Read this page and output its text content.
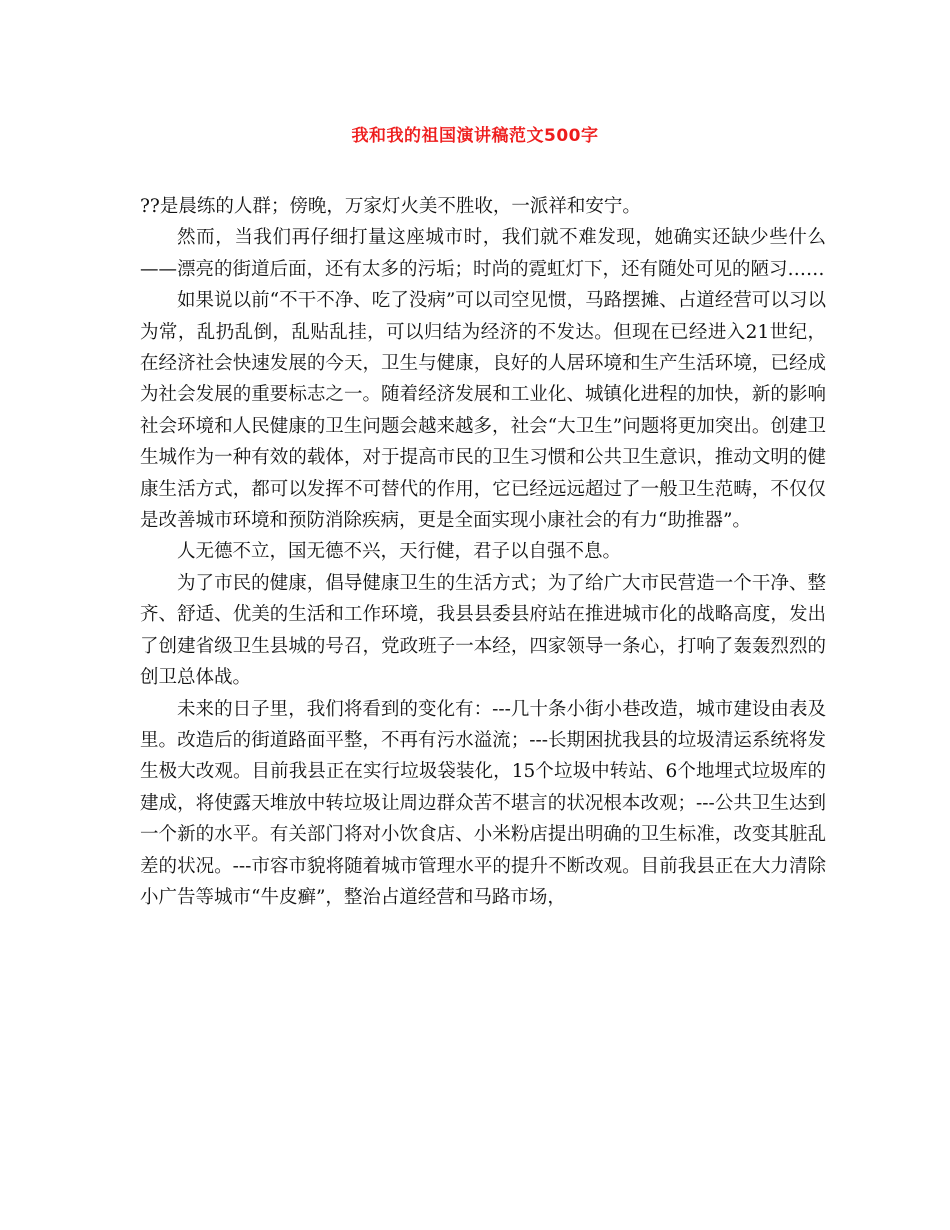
我和我的祖国演讲稿范文500字

??是晨练的人群；傍晚，万家灯火美不胜收，一派祥和安宁。

然而，当我们再仔细打量这座城市时，我们就不难发现，她确实还缺少些什么——漂亮的街道后面，还有太多的污垢；时尚的霓虹灯下，还有随处可见的陋习……

如果说以前“不干不净、吃了没病”可以司空见惯，马路摆摊、占道经营可以习以为常，乱扔乱倒，乱贴乱挂，可以归结为经济的不发达。但现在已经进入21世纪，在经济社会快速发展的今天，卫生与健康，良好的人居环境和生产生活环境，已经成为社会发展的重要标志之一。随着经济发展和工业化、城镇化进程的加快，新的影响社会环境和人民健康的卫生问题会越来越多，社会“大卫生”问题将更加突出。创建卫生城作为一种有效的载体，对于提高市民的卫生习惯和公共卫生意识，推动文明的健康生活方式，都可以发挥不可替代的作用，它已经远远超过了一般卫生范畴，不仅仅是改善城市环境和预防消除疾病，更是全面实现小康社会的有力“助推器”。

人无德不立，国无德不兴，天行健，君子以自强不息。

为了市民的健康，倡导健康卫生的生活方式；为了给广大市民营造一个干净、整齐、舒适、优美的生活和工作环境，我县县委县府站在推进城市化的战略高度，发出了创建省级卫生县城的号召，党政班子一本经，四家领导一条心，打响了轰轰烈烈的创卫总体战。

未来的日子里，我们将看到的变化有：---几十条小街小巷改造，城市建设由表及里。改造后的街道路面平整，不再有污水溢流；---长期困扰我县的垃圾清运系统将发生极大改观。目前我县正在实行垃圾袋装化，15个垃圾中转站、6个地埋式垃圾库的建成，将使露天堆放中转垃圾让周边群众苦不堪言的状况根本改观；---公共卫生达到一个新的水平。有关部门将对小饮食店、小米粉店提出明确的卫生标准，改变其脏乱差的状况。---市容市貌将随着城市管理水平的提升不断改观。目前我县正在大力清除小广告等城市“牛皮癣”，整治占道经营和马路市场，
